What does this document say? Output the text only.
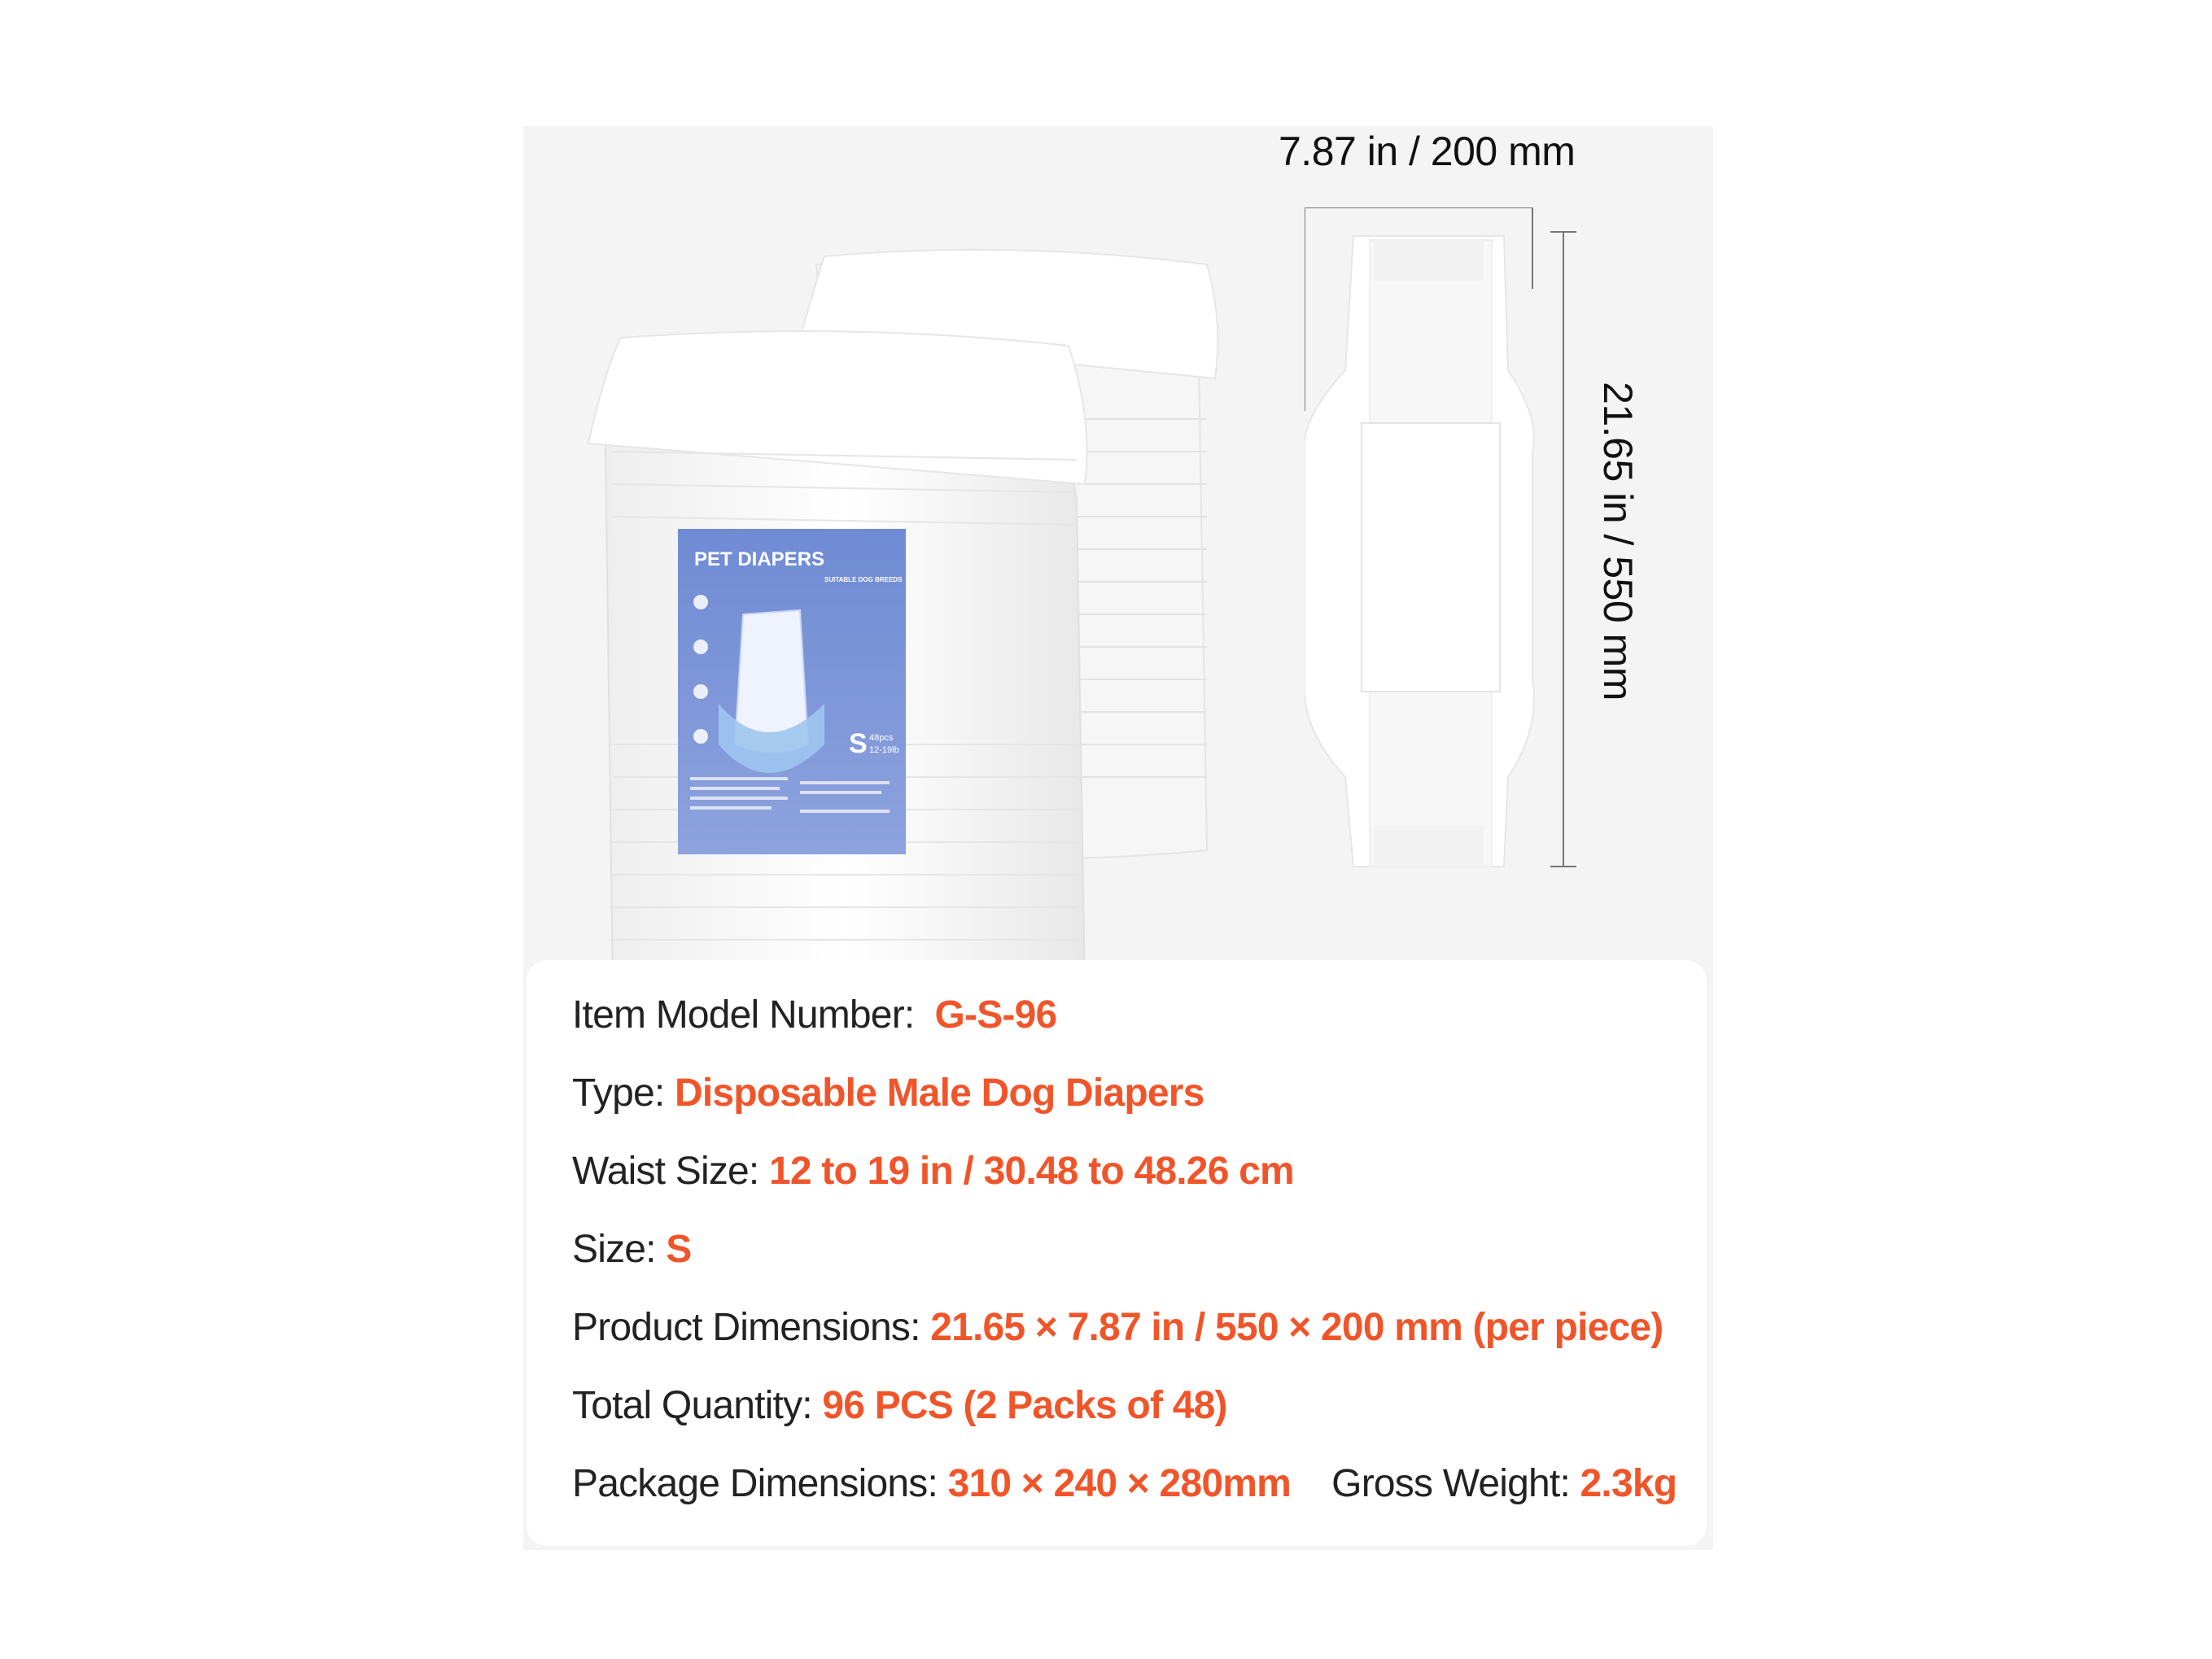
PET DIAPERS
SUITABLE DOG BREEDS
S 48pcs
12-19lb
7.87 in / 200 mm
21.65 in / 550 mm
Item Model Number: G-S-96
Type: Disposable Male Dog Diapers
Waist Size: 12 to 19 in / 30.48 to 48.26 cm
Size: S
Product Dimensions: 21.65 × 7.87 in / 550 × 200 mm (per piece)
Total Quantity: 96 PCS (2 Packs of 48)
Package Dimensions: 310 × 240 × 280mm Gross Weight: 2.3kg
